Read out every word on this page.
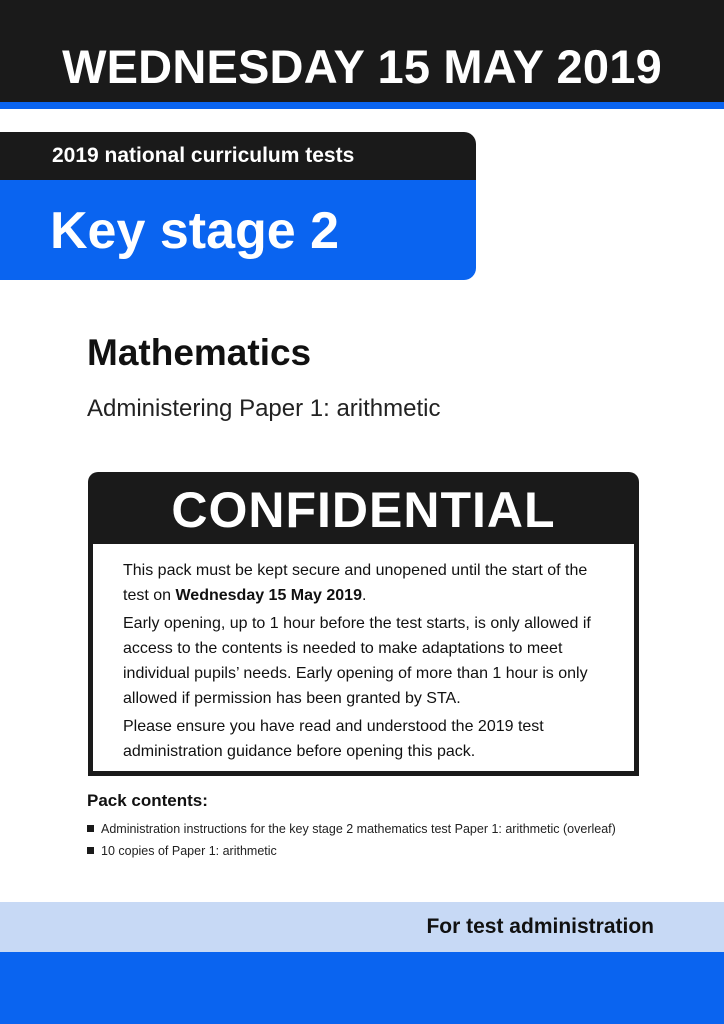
WEDNESDAY 15 MAY 2019
2019 national curriculum tests
Key stage 2
Mathematics
Administering Paper 1: arithmetic
CONFIDENTIAL

This pack must be kept secure and unopened until the start of the test on Wednesday 15 May 2019.

Early opening, up to 1 hour before the test starts, is only allowed if access to the contents is needed to make adaptations to meet individual pupils’ needs. Early opening of more than 1 hour is only allowed if permission has been granted by STA.

Please ensure you have read and understood the 2019 test administration guidance before opening this pack.

Pack contents:
Administration instructions for the key stage 2 mathematics test Paper 1: arithmetic (overleaf)
10 copies of Paper 1: arithmetic
For test administration
